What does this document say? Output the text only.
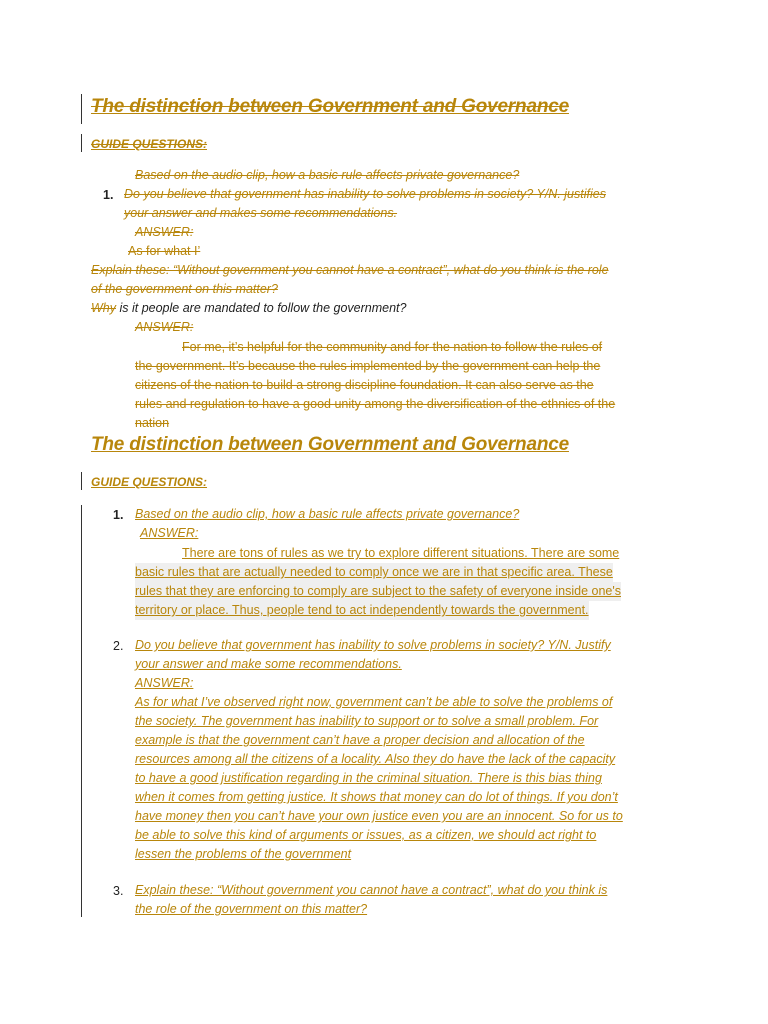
The distinction between Government and Governance
GUIDE QUESTIONS:
Based on the audio clip, how a basic rule affects private governance?
1. Do you believe that government has inability to solve problems in society? Y/N. justifies
your answer and makes some recommendations.
ANSWER:
As for what I’
Explain these: “Without government you cannot have a contract”, what do you think is the role
of the government on this matter?
Why is it people are mandated to follow the government?
ANSWER:
For me, it’s helpful for the community and for the nation to follow the rules of
the government. It’s because the rules implemented by the government can help the
citizens of the nation to build a strong discipline foundation. It can also serve as the
rules and regulation to have a good unity among the diversification of the ethnics of the
nation
The distinction between Government and Governance
GUIDE QUESTIONS:
1. Based on the audio clip, how a basic rule affects private governance?
ANSWER:
There are tons of rules as we try to explore different situations. There are some
basic rules that are actually needed to comply once we are in that specific area. These
rules that they are enforcing to comply are subject to the safety of everyone inside one's
territory or place. Thus, people tend to act independently towards the government.
2. Do you believe that government has inability to solve problems in society? Y/N. Justify
your answer and make some recommendations.
ANSWER:
As for what I’ve observed right now, government can’t be able to solve the problems of
the society. The government has inability to support or to solve a small problem. For
example is that the government can’t have a proper decision and allocation of the
resources among all the citizens of a locality. Also they do have the lack of the capacity
to have a good justification regarding in the criminal situation. There is this bias thing
when it comes from getting justice. It shows that money can do lot of things. If you don’t
have money then you can’t have your own justice even you are an innocent. So for us to
be able to solve this kind of arguments or issues, as a citizen, we should act right to
lessen the problems of the government
3. Explain these: “Without government you cannot have a contract”, what do you think is
the role of the government on this matter?
